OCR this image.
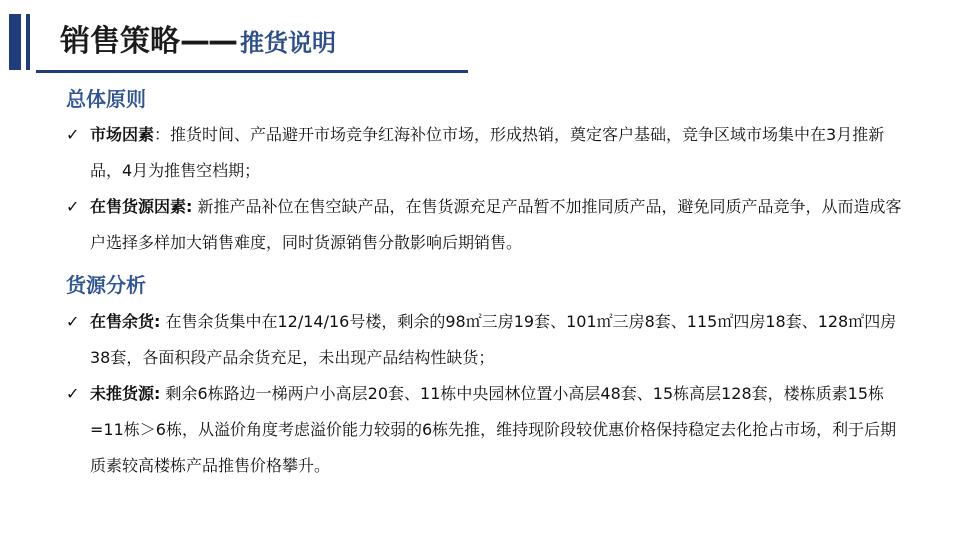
销售策略—— 推货说明
总体原则
✓ 市场因素：推货时间、产品避开市场竞争红海补位市场，形成热销，奠定客户基础，竞争区域市场集中在3月推新品，4月为推售空档期；
✓ 在售货源因素: 新推产品补位在售空缺产品，在售货源充足产品暂不加推同质产品，避免同质产品竞争，从而造成客户选择多样加大销售难度，同时货源销售分散影响后期销售。
货源分析
✓ 在售余货: 在售余货集中在12/14/16号楼，剩余的98㎡三房19套、101㎡三房8套、115㎡四房18套、128㎡四房38套，各面积段产品余货充足，未出现产品结构性缺货；
✓ 未推货源: 剩余6栋路边一梯两户小高层20套、11栋中央园林位置小高层48套、15栋高层128套，楼栋质素15栋=11栋＞6栋，从溢价角度考虑溢价能力较弱的6栋先推，维持现阶段较优惠价格保持稳定去化抢占市场，利于后期质素较高楼栋产品推售价格攀升。
